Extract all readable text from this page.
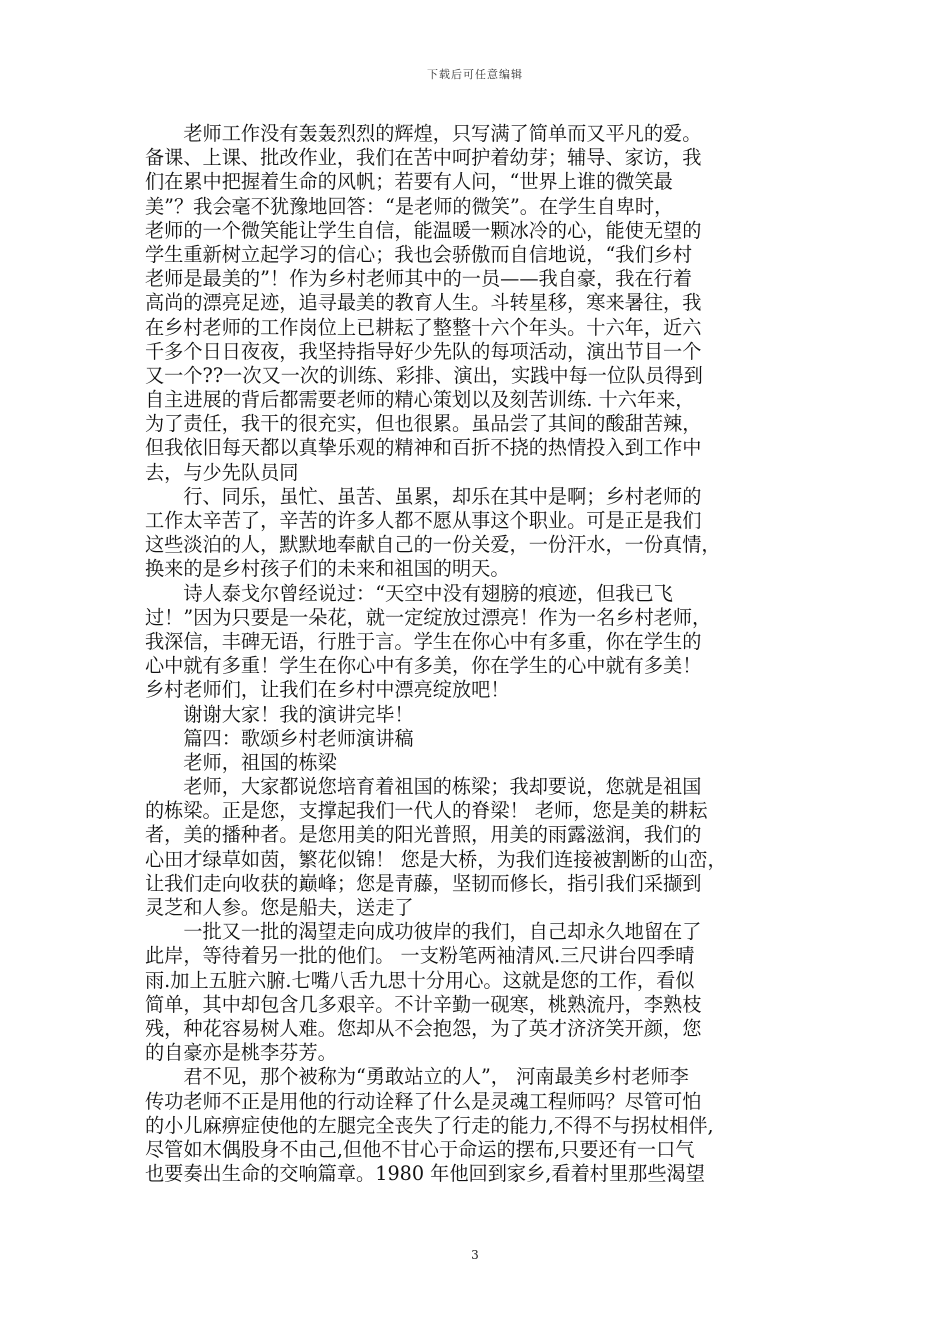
下载后可任意编辑
　　老师工作没有轰轰烈烈的辉煌，只写满了简单而又平凡的爱。
备课、上课、批改作业，我们在苦中呵护着幼芽；辅导、家访，我
们在累中把握着生命的风帆；若要有人问，“世界上谁的微笑最
美”？我会毫不犹豫地回答：“是老师的微笑”。在学生自卑时，
老师的一个微笑能让学生自信，能温暖一颗冰冷的心，能使无望的
学生重新树立起学习的信心；我也会骄傲而自信地说，“我们乡村
老师是最美的”！作为乡村老师其中的一员——我自豪，我在行着
高尚的漂亮足迹，追寻最美的教育人生。斗转星移，寒来暑往，我
在乡村老师的工作岗位上已耕耘了整整十六个年头。十六年，近六
千多个日日夜夜，我坚持指导好少先队的每项活动，演出节目一个
又一个??一次又一次的训练、彩排、演出，实践中每一位队员得到
自主进展的背后都需要老师的精心策划以及刻苦训练. 十六年来，
为了责任，我干的很充实，但也很累。虽品尝了其间的酸甜苦辣，
但我依旧每天都以真挚乐观的精神和百折不挠的热情投入到工作中
去，与少先队员同
　　行、同乐，虽忙、虽苦、虽累，却乐在其中是啊；乡村老师的
工作太辛苦了，辛苦的许多人都不愿从事这个职业。可是正是我们
这些淡泊的人，默默地奉献自己的一份关爱，一份汗水，一份真情，
换来的是乡村孩子们的未来和祖国的明天。
　　诗人泰戈尔曾经说过：“天空中没有翅膀的痕迹，但我已飞
过！”因为只要是一朵花，就一定绽放过漂亮！作为一名乡村老师，
我深信，丰碑无语，行胜于言。学生在你心中有多重，你在学生的
心中就有多重！学生在你心中有多美，你在学生的心中就有多美！
乡村老师们，让我们在乡村中漂亮绽放吧！
　　谢谢大家！我的演讲完毕！
　　篇四：歌颂乡村老师演讲稿
　　老师，祖国的栋梁
　　老师，大家都说您培育着祖国的栋梁；我却要说，您就是祖国
的栋梁。正是您，支撑起我们一代人的脊梁！ 老师，您是美的耕耘
者，美的播种者。是您用美的阳光普照，用美的雨露滋润，我们的
心田才绿草如茵，繁花似锦！ 您是大桥，为我们连接被割断的山峦，
让我们走向收获的巅峰；您是青藤，坚韧而修长，指引我们采撷到
灵芝和人参。您是船夫，送走了
　　一批又一批的渴望走向成功彼岸的我们，自己却永久地留在了
此岸，等待着另一批的他们。 一支粉笔两袖清风.三尺讲台四季晴
雨.加上五脏六腑.七嘴八舌九思十分用心。这就是您的工作，看似
简单，其中却包含几多艰辛。不计辛勤一砚寒，桃熟流丹，李熟枝
残，种花容易树人难。您却从不会抱怨，为了英才济济笑开颜，您
的自豪亦是桃李芬芳。
　　君不见，那个被称为“勇敢站立的人”， 河南最美乡村老师李
传功老师不正是用他的行动诠释了什么是灵魂工程师吗？尽管可怕
的小儿麻痹症使他的左腿完全丧失了行走的能力,不得不与拐杖相伴,
尽管如木偶股身不由己,但他不甘心于命运的摆布,只要还有一口气
也要奏出生命的交响篇章。1980 年他回到家乡,看着村里那些渴望
3
